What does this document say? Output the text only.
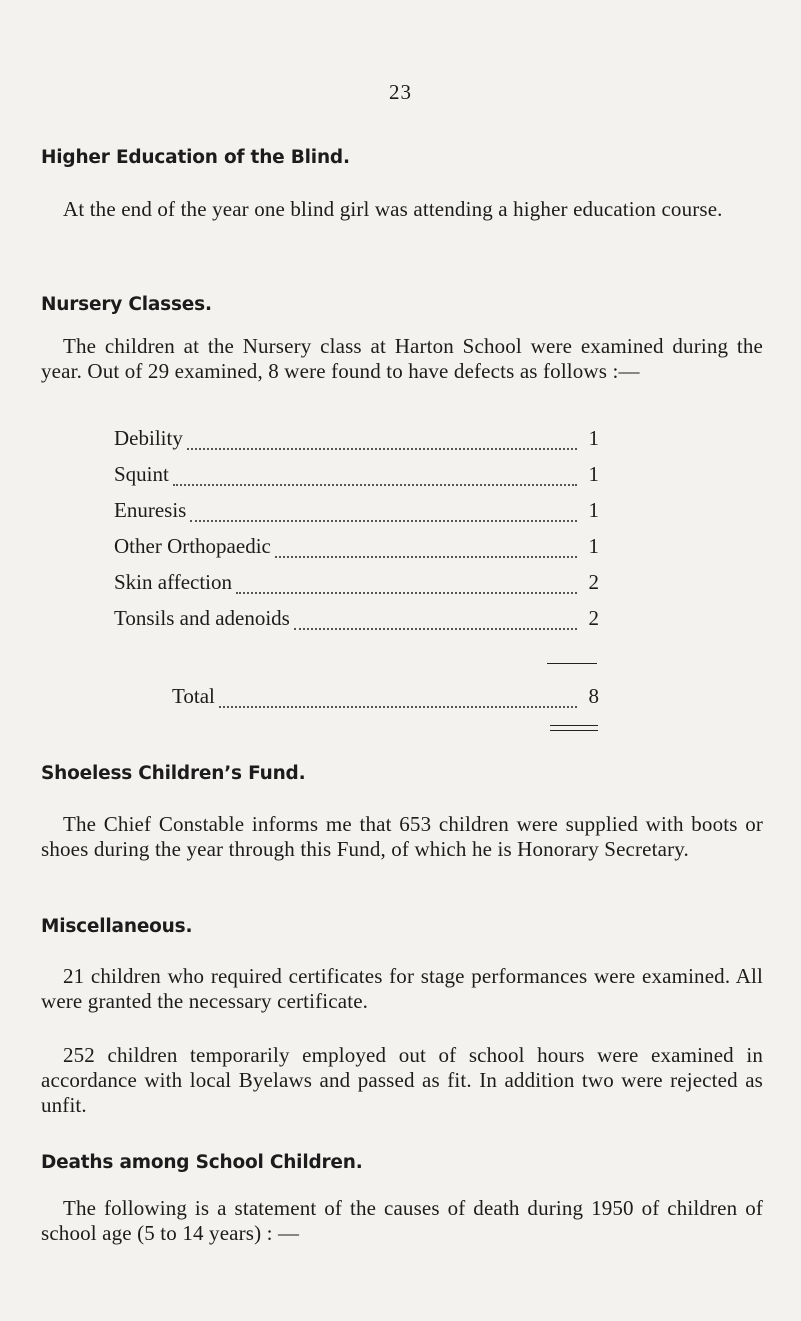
23
Higher Education of the Blind.
At the end of the year one blind girl was attending a higher education course.
Nursery Classes.
The children at the Nursery class at Harton School were examined during the year. Out of 29 examined, 8 were found to have defects as follows :—
Debility	1
Squint	1
Enuresis	1
Other Orthopaedic	1
Skin affection	2
Tonsils and adenoids	2
Total	8
Shoeless Children’s Fund.
The Chief Constable informs me that 653 children were supplied with boots or shoes during the year through this Fund, of which he is Honorary Secretary.
Miscellaneous.
21 children who required certificates for stage performances were examined. All were granted the necessary certificate.
252 children temporarily employed out of school hours were examined in accordance with local Byelaws and passed as fit. In addition two were rejected as unfit.
Deaths among School Children.
The following is a statement of the causes of death during 1950 of children of school age (5 to 14 years) : —
